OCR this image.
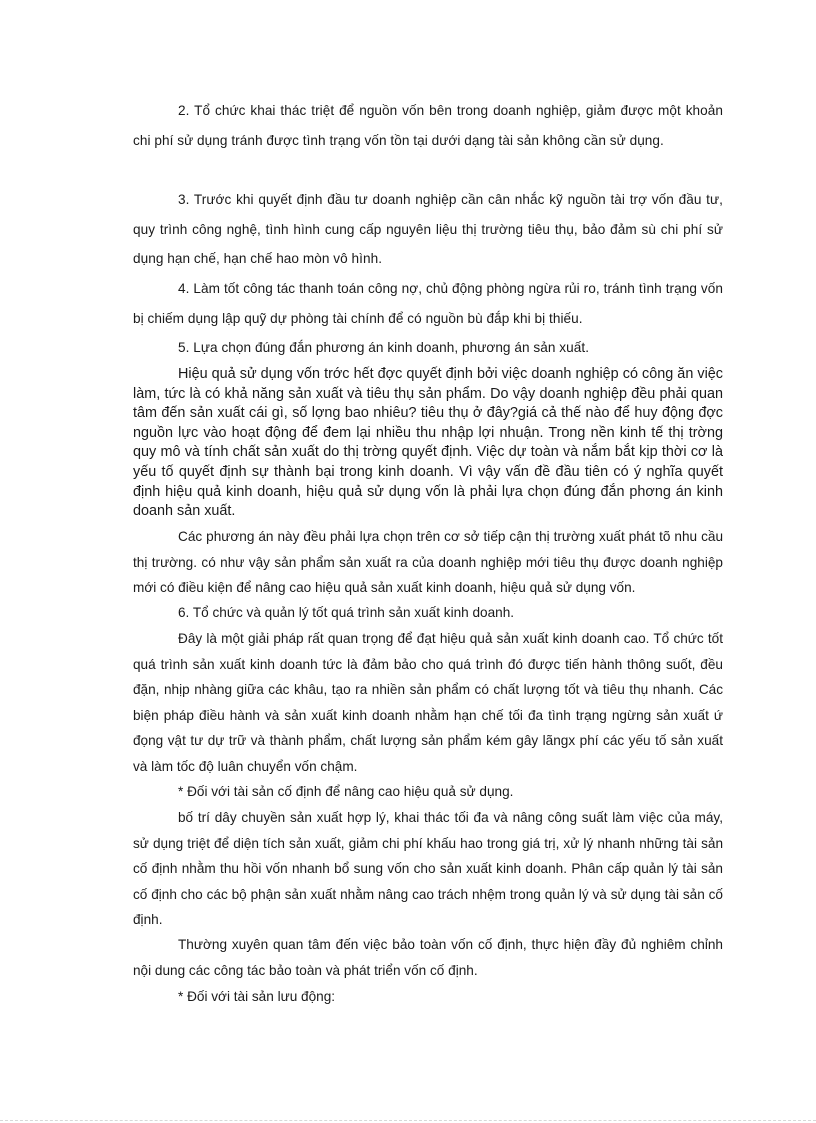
2. Tổ chức khai thác triệt để nguồn vốn bên trong doanh nghiệp, giảm được một khoản chi phí sử dụng tránh được tình trạng vốn tồn tại dưới dạng tài sản không cần sử dụng.

3. Trước khi quyết định đầu tư doanh nghiệp cần cân nhắc kỹ nguồn tài trợ vốn đầu tư, quy trình công nghệ, tình hình cung cấp nguyên liệu thị trường tiêu thụ, bảo đảm sù chi phí sử dụng hạn chế, hạn chế hao mòn vô hình.

4. Làm tốt công tác thanh toán công nợ, chủ động phòng ngừa rủi ro, tránh tình trạng vốn bị chiếm dụng lập quỹ dự phòng tài chính để có nguồn bù đắp khi bị thiếu.

5. Lựa chọn đúng đắn phương án kinh doanh, phương án sản xuất.

Hiệu quả sử dụng vốn trớc hết đợc quyết định bởi việc doanh nghiệp có công ăn việc làm, tức là có khả năng sản xuất và tiêu thụ sản phẩm. Do vậy doanh nghiệp đều phải quan tâm đến sản xuất cái gì, số lợng bao nhiêu? tiêu thụ ở đây?giá cả thế nào để huy động đợc nguồn lực vào hoạt động để đem lại nhiều thu nhập lợi nhuận. Trong nền kinh tế thị trờng quy mô và tính chất sản xuất do thị trờng quyết định. Việc dự toàn và nắm bắt kịp thời cơ là yếu tố quyết định sự thành bại trong kinh doanh. Vì vậy vấn đề đầu tiên có ý nghĩa quyết định hiệu quả kinh doanh, hiệu quả sử dụng vốn là phải lựa chọn đúng đắn phơng án kinh doanh sản xuất.

Các phương án này đều phải lựa chọn trên cơ sở tiếp cận thị trường xuất phát tõ nhu cầu thị trường. có như vậy sản phẩm sản xuất ra của doanh nghiệp mới tiêu thụ được doanh nghiệp mới có điều kiện để nâng cao hiệu quả sản xuất kinh doanh, hiệu quả sử dụng vốn.

6. Tổ chức và quản lý tốt quá trình sản xuất kinh doanh.

Đây là một giải pháp rất quan trọng để đạt hiệu quả sản xuất kinh doanh cao. Tổ chức tốt quá trình sản xuất kinh doanh tức là đảm bảo cho quá trình đó được tiến hành thông suốt, đều đặn, nhịp nhàng giữa các khâu, tạo ra nhiền sản phẩm có chất lượng tốt và tiêu thụ nhanh. Các biện pháp điều hành và sản xuất kinh doanh nhằm hạn chế tối đa tình trạng ngừng sản xuất ứ đọng vật tư dự trữ và thành phẩm, chất lượng sản phẩm kém gây lãngx phí các yếu tố sản xuất và làm tốc độ luân chuyển vốn chậm.

* Đối với tài sản cố định để nâng cao hiệu quả sử dụng.

bố trí dây chuyền sản xuất hợp lý, khai thác tối đa và nâng công suất làm việc của máy, sử dụng triệt để diện tích sản xuất, giảm chi phí khấu hao trong giá trị, xử lý nhanh những tài sản cố định nhằm thu hồi vốn nhanh bổ sung vốn cho sản xuất kinh doanh. Phân cấp quản lý tài sản cố định cho các bộ phận sản xuất nhằm nâng cao trách nhệm trong quản lý và sử dụng tài sản cố định.

Thường xuyên quan tâm đến việc bảo toàn vốn cố định, thực hiện đầy đủ nghiêm chỉnh nội dung các công tác bảo toàn và phát triển vốn cố định.

* Đối với tài sản lưu động:
